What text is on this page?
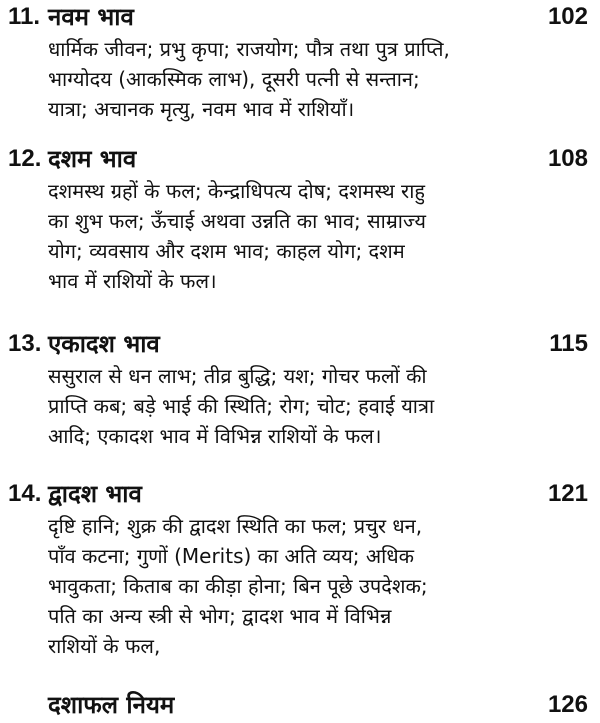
11. नवम भाव	102
धार्मिक जीवन; प्रभु कृपा; राजयोग; पौत्र तथा पुत्र प्राप्ति,
भाग्योदय (आकस्मिक लाभ), दूसरी पत्नी से सन्तान;
यात्रा; अचानक मृत्यु, नवम भाव में राशियाँ।
12. दशम भाव	108
दशमस्थ ग्रहों के फल; केन्द्राधिपत्य दोष; दशमस्थ राहु
का शुभ फल; ऊँचाई अथवा उन्नति का भाव; साम्राज्य
योग; व्यवसाय और दशम भाव; काहल योग; दशम
भाव में राशियों के फल।
13. एकादश भाव	115
ससुराल से धन लाभ; तीव्र बुद्धि; यश; गोचर फलों की
प्राप्ति कब; बड़े भाई की स्थिति; रोग; चोट; हवाई यात्रा
आदि; एकादश भाव में विभिन्न राशियों के फल।
14. द्वादश भाव	121
दृष्टि हानि; शुक्र की द्वादश स्थिति का फल; प्रचुर धन,
पाँव कटना; गुणों (Merits) का अति व्यय; अधिक
भावुकता; किताब का कीड़ा होना; बिन पूछे उपदेशक;
पति का अन्य स्त्री से भोग; द्वादश भाव में विभिन्न
राशियों के फल,
दशाफल नियम	126
